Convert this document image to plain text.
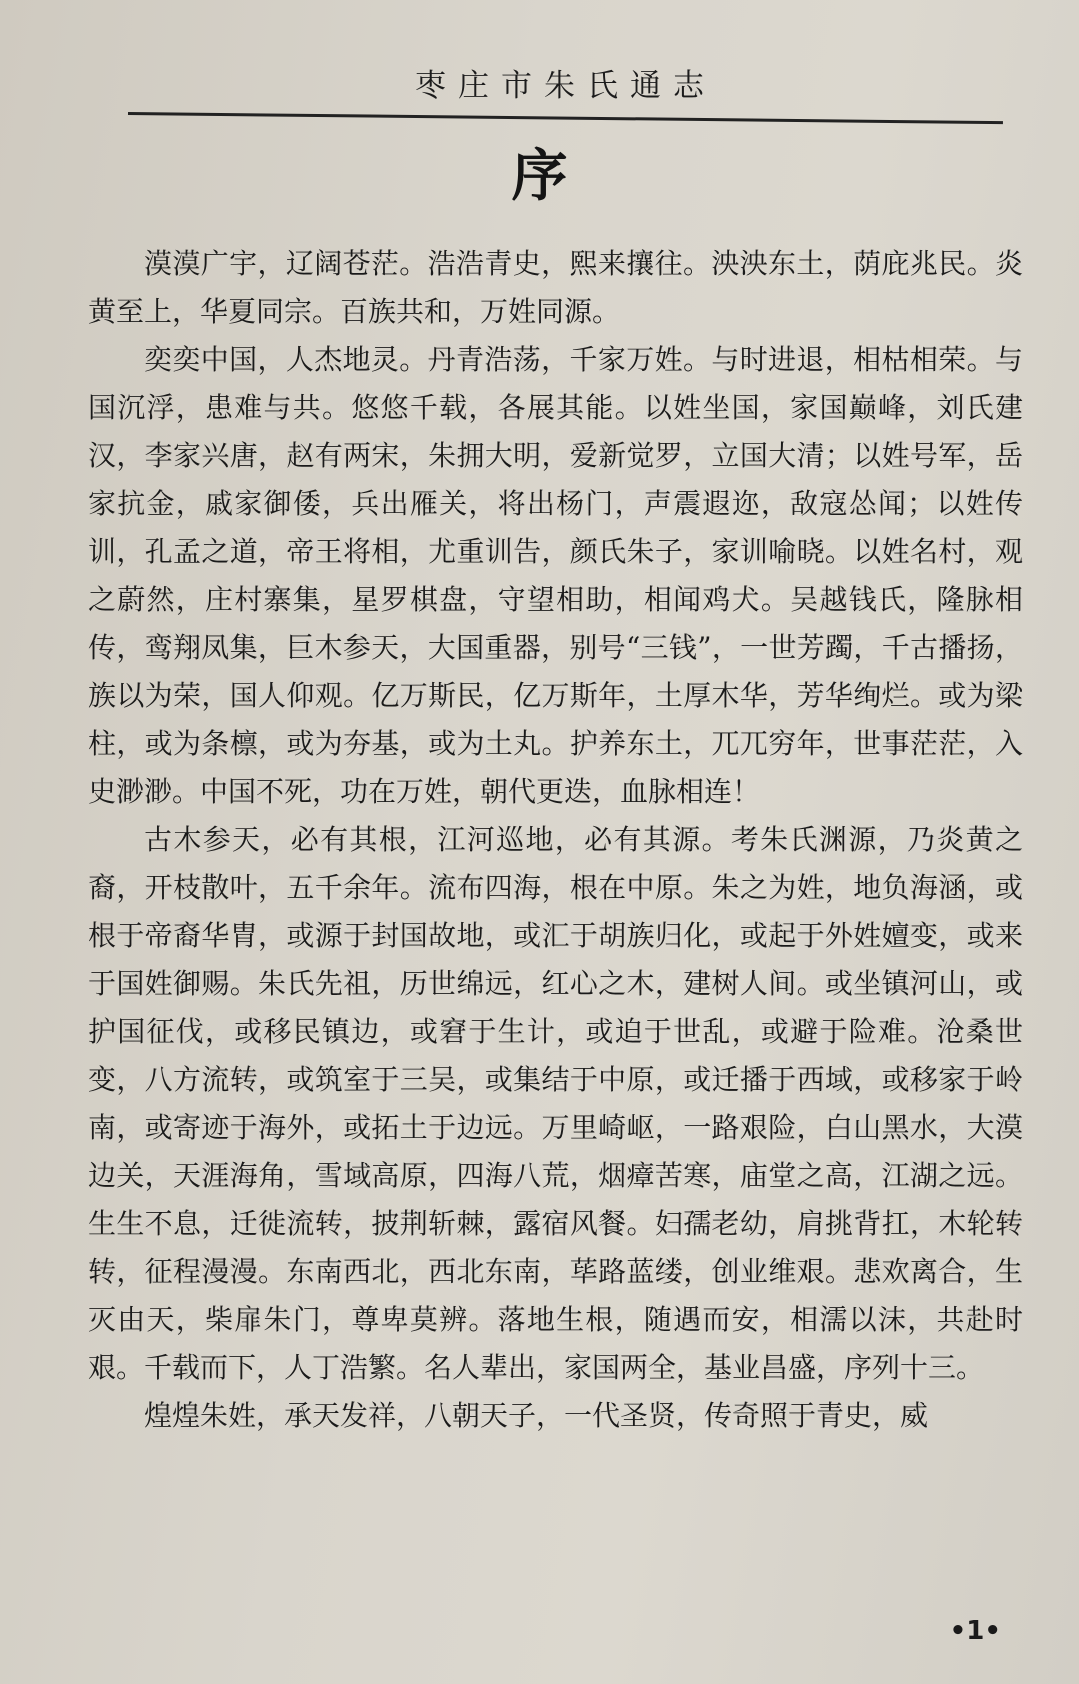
枣庄市朱氏通志
序

漠漠广宇，辽阔苍茫。浩浩青史，熙来攘往。泱泱东土，荫庇兆民。炎黄至上，华夏同宗。百族共和，万姓同源。

奕奕中国，人杰地灵。丹青浩荡，千家万姓。与时进退，相枯相荣。与国沉浮，患难与共。悠悠千载，各展其能。以姓坐国，家国巅峰，刘氏建汉，李家兴唐，赵有两宋，朱拥大明，爱新觉罗，立国大清；以姓号军，岳家抗金，戚家御倭，兵出雁关，将出杨门，声震遐迩，敌寇怂闻；以姓传训，孔孟之道，帝王将相，尤重训告，颜氏朱子，家训喻晓。以姓名村，观之蔚然，庄村寨集，星罗棋盘，守望相助，相闻鸡犬。吴越钱氏，隆脉相传，鸾翔凤集，巨木参天，大国重器，别号“三钱”，一世芳躅，千古播扬，族以为荣，国人仰观。亿万斯民，亿万斯年，土厚木华，芳华绚烂。或为梁柱，或为条檩，或为夯基，或为土丸。护养东土，兀兀穷年，世事茫茫，入史渺渺。中国不死，功在万姓，朝代更迭，血脉相连！

古木参天，必有其根，江河巡地，必有其源。考朱氏渊源，乃炎黄之裔，开枝散叶，五千余年。流布四海，根在中原。朱之为姓，地负海涵，或根于帝裔华胄，或源于封国故地，或汇于胡族归化，或起于外姓嬗变，或来于国姓御赐。朱氏先祖，历世绵远，红心之木，建树人间。或坐镇河山，或护国征伐，或移民镇边，或窘于生计，或迫于世乱，或避于险难。沧桑世变，八方流转，或筑室于三吴，或集结于中原，或迁播于西域，或移家于岭南，或寄迹于海外，或拓土于边远。万里崎岖，一路艰险，白山黑水，大漠边关，天涯海角，雪域高原，四海八荒，烟瘴苦寒，庙堂之高，江湖之远。生生不息，迁徙流转，披荆斩棘，露宿风餐。妇孺老幼，肩挑背扛，木轮转转，征程漫漫。东南西北，西北东南，荜路蓝缕，创业维艰。悲欢离合，生灭由天，柴扉朱门，尊卑莫辨。落地生根，随遇而安，相濡以沫，共赴时艰。千载而下，人丁浩繁。名人辈出，家国两全，基业昌盛，序列十三。

煌煌朱姓，承天发祥，八朝天子，一代圣贤，传奇照于青史，威

•1•
